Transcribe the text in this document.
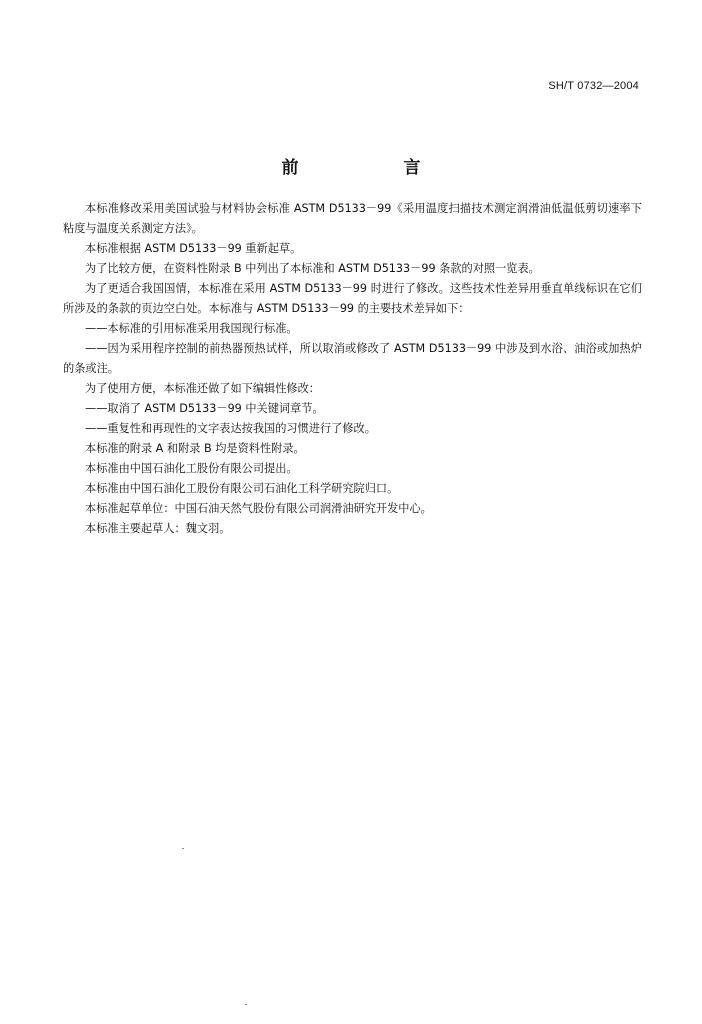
SH/T 0732—2004
前　言

本标准修改采用美国试验与材料协会标准 ASTM D5133－99《采用温度扫描技术测定润滑油低温低剪切速率下粘度与温度关系测定方法》。

本标准根据 ASTM D5133－99 重新起草。

为了比较方便，在资料性附录 B 中列出了本标准和 ASTM D5133－99 条款的对照一览表。

为了更适合我国国情，本标准在采用 ASTM D5133－99 时进行了修改。这些技术性差异用垂直单线标识在它们所涉及的条款的页边空白处。本标准与 ASTM D5133－99 的主要技术差异如下：

——本标准的引用标准采用我国现行标准。

——因为采用程序控制的前热器预热试样，所以取消或修改了 ASTM D5133－99 中涉及到水浴、油浴或加热炉的条或注。

为了使用方便，本标准还做了如下编辑性修改：

——取消了 ASTM D5133－99 中关键词章节。

——重复性和再现性的文字表达按我国的习惯进行了修改。

本标准的附录 A 和附录 B 均是资料性附录。

本标准由中国石油化工股份有限公司提出。

本标准由中国石油化工股份有限公司石油化工科学研究院归口。

本标准起草单位：中国石油天然气股份有限公司润滑油研究开发中心。

本标准主要起草人：魏文羽。
